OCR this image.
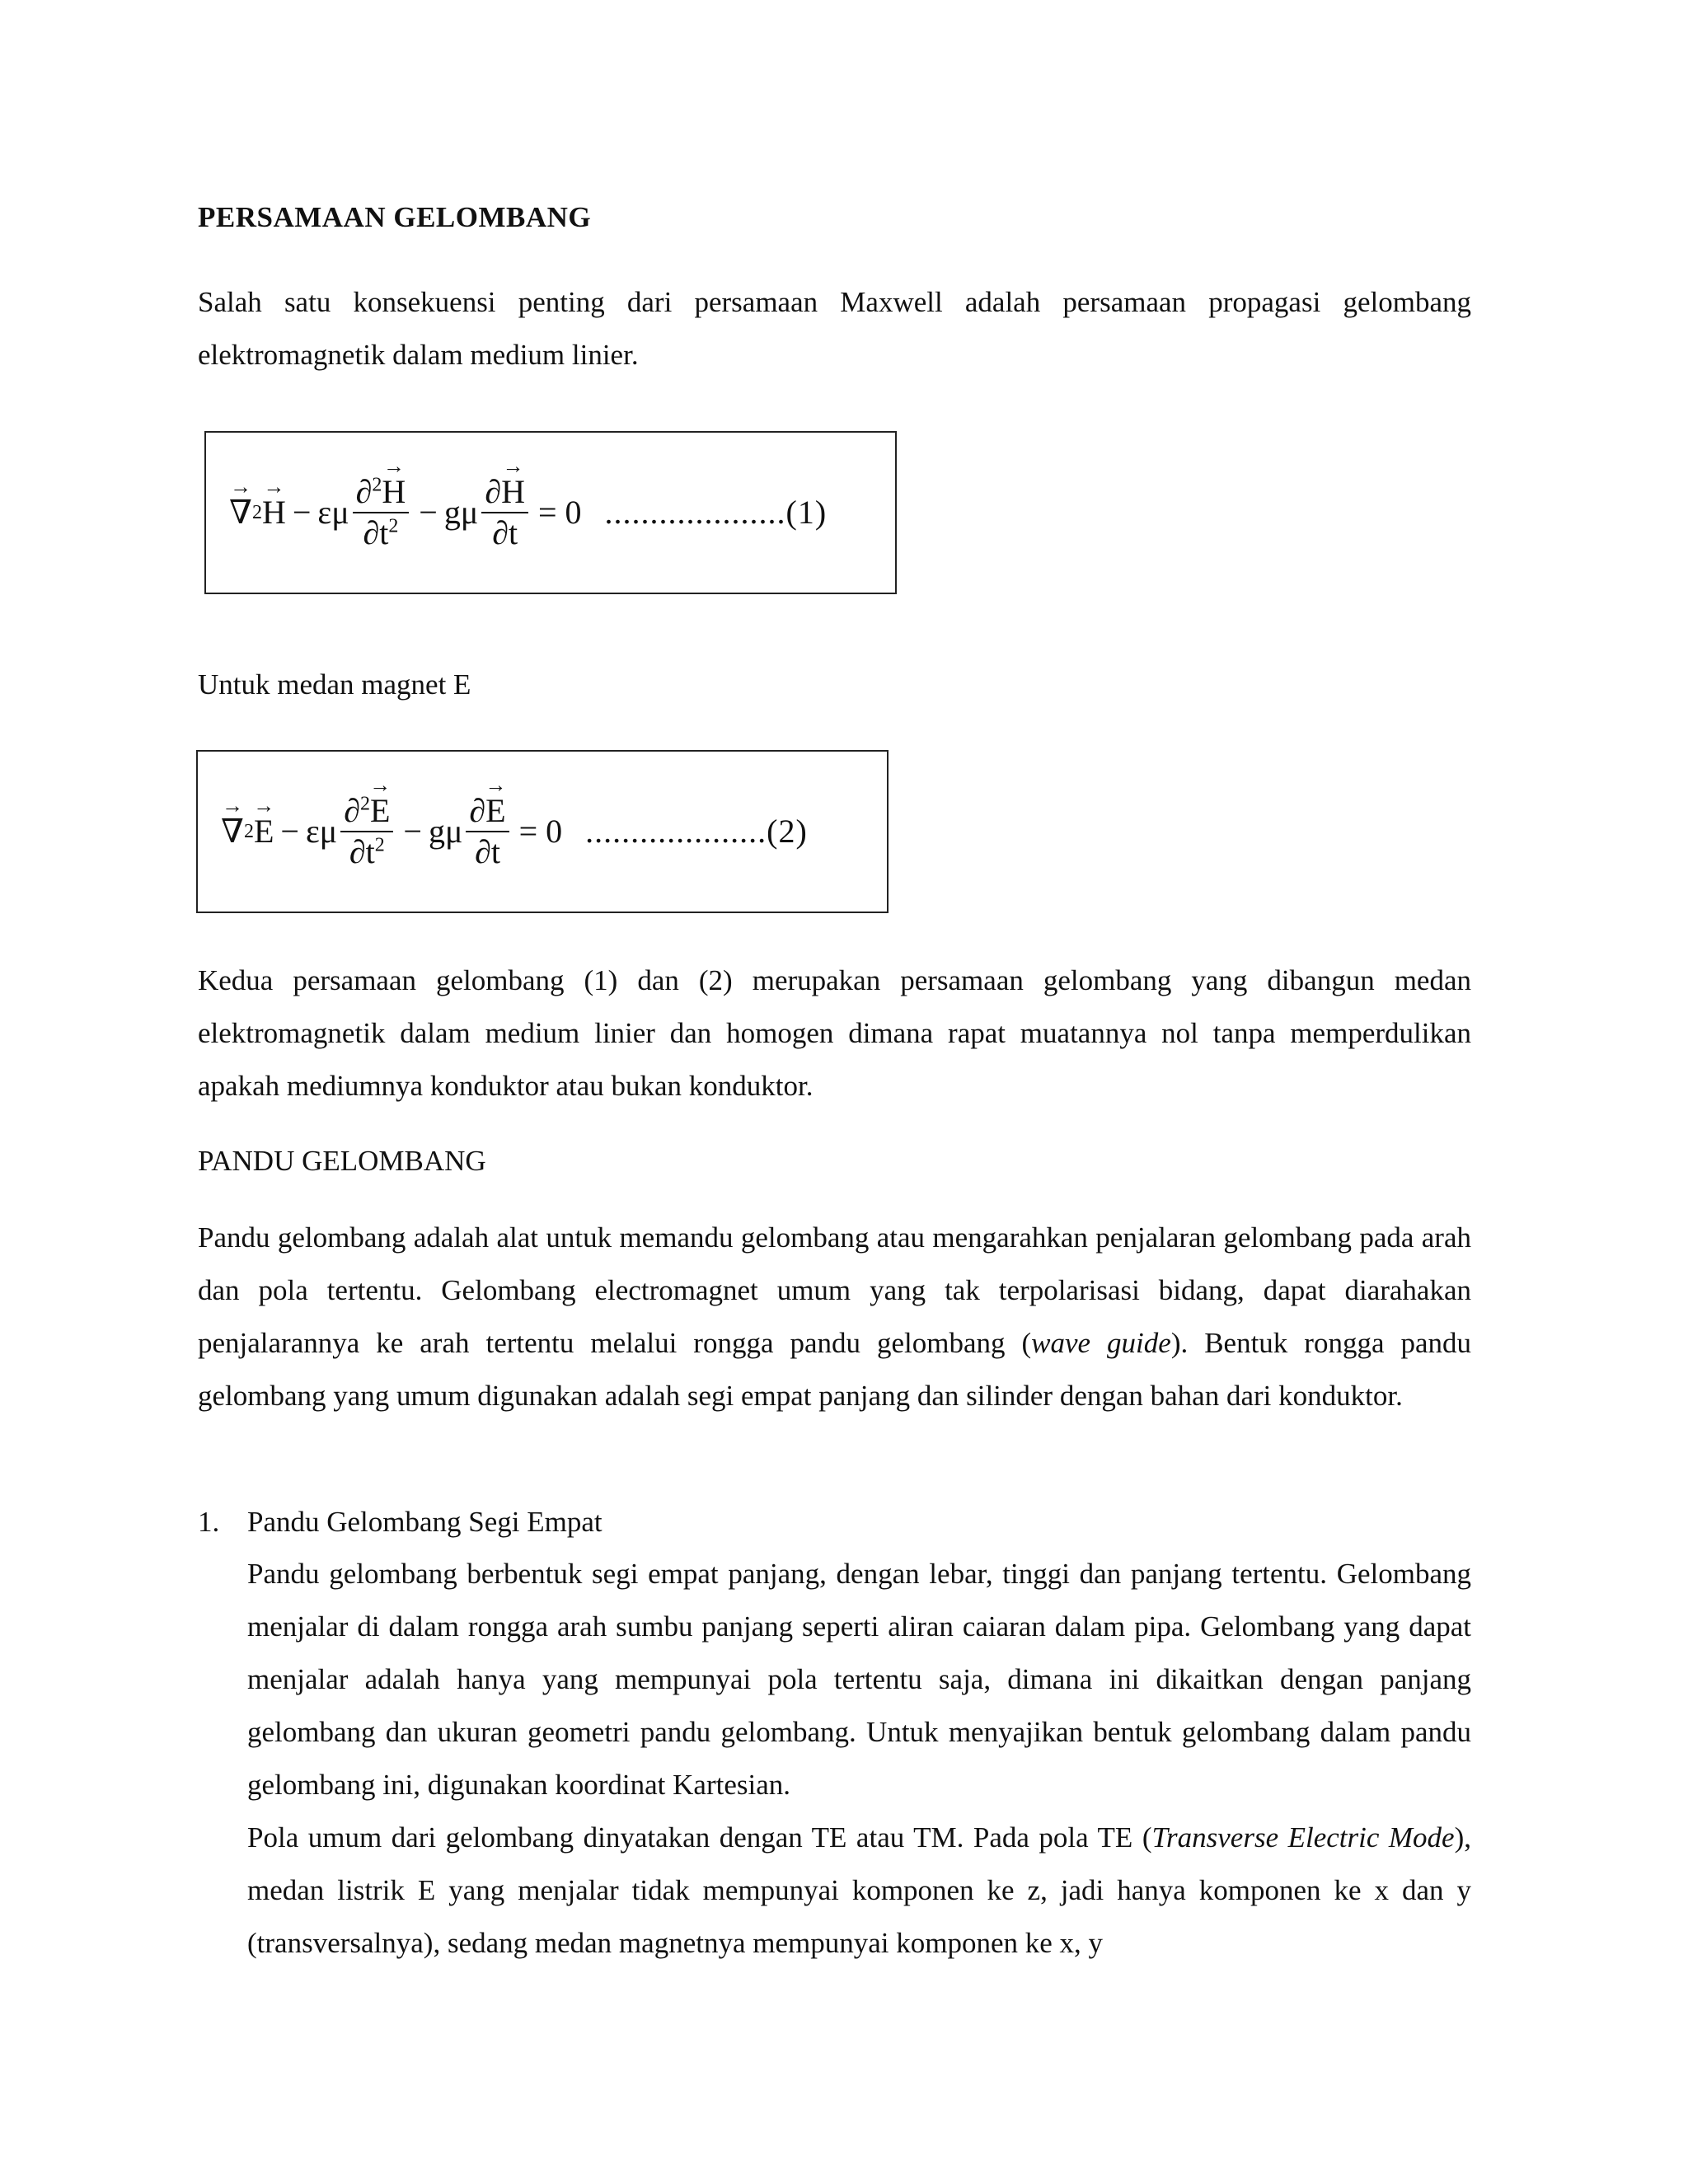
PERSAMAAN GELOMBANG
Salah satu konsekuensi penting dari persamaan Maxwell adalah persamaan propagasi gelombang elektromagnetik dalam medium linier.
→ ∇ 2 → H − εμ $\frac{\partial^2\to H}{\partial t^2} - g\mu \frac{\partial\to H}{\partial t} = 0$ ....................(1)
Untuk medan magnet E
→ ∇ 2 → E − εμ $\frac{\partial^2\to E}{\partial t^2} - g\mu \frac{\partial\to E}{\partial t} = 0$ ....................(2)
Kedua persamaan gelombang (1) dan (2) merupakan persamaan gelombang yang dibangun medan elektromagnetik dalam medium linier dan homogen dimana rapat muatannya nol tanpa memperdulikan apakah mediumnya konduktor atau bukan konduktor.
PANDU GELOMBANG
Pandu gelombang adalah alat untuk memandu gelombang atau mengarahkan penjalaran gelombang pada arah dan pola tertentu. Gelombang electromagnet umum yang tak terpolarisasi bidang, dapat diarahakan penjalarannya ke arah tertentu melalui rongga pandu gelombang (wave guide). Bentuk rongga pandu gelombang yang umum digunakan adalah segi empat panjang dan silinder dengan bahan dari konduktor.
1. Pandu Gelombang Segi Empat
Pandu gelombang berbentuk segi empat panjang, dengan lebar, tinggi dan panjang tertentu. Gelombang menjalar di dalam rongga arah sumbu panjang seperti aliran caiaran dalam pipa. Gelombang yang dapat menjalar adalah hanya yang mempunyai pola tertentu saja, dimana ini dikaitkan dengan panjang gelombang dan ukuran geometri pandu gelombang. Untuk menyajikan bentuk gelombang dalam pandu gelombang ini, digunakan koordinat Kartesian.
Pola umum dari gelombang dinyatakan dengan TE atau TM. Pada pola TE (Transverse Electric Mode), medan listrik E yang menjalar tidak mempunyai komponen ke z, jadi hanya komponen ke x dan y (transversalnya), sedang medan magnetnya mempunyai komponen ke x, y
